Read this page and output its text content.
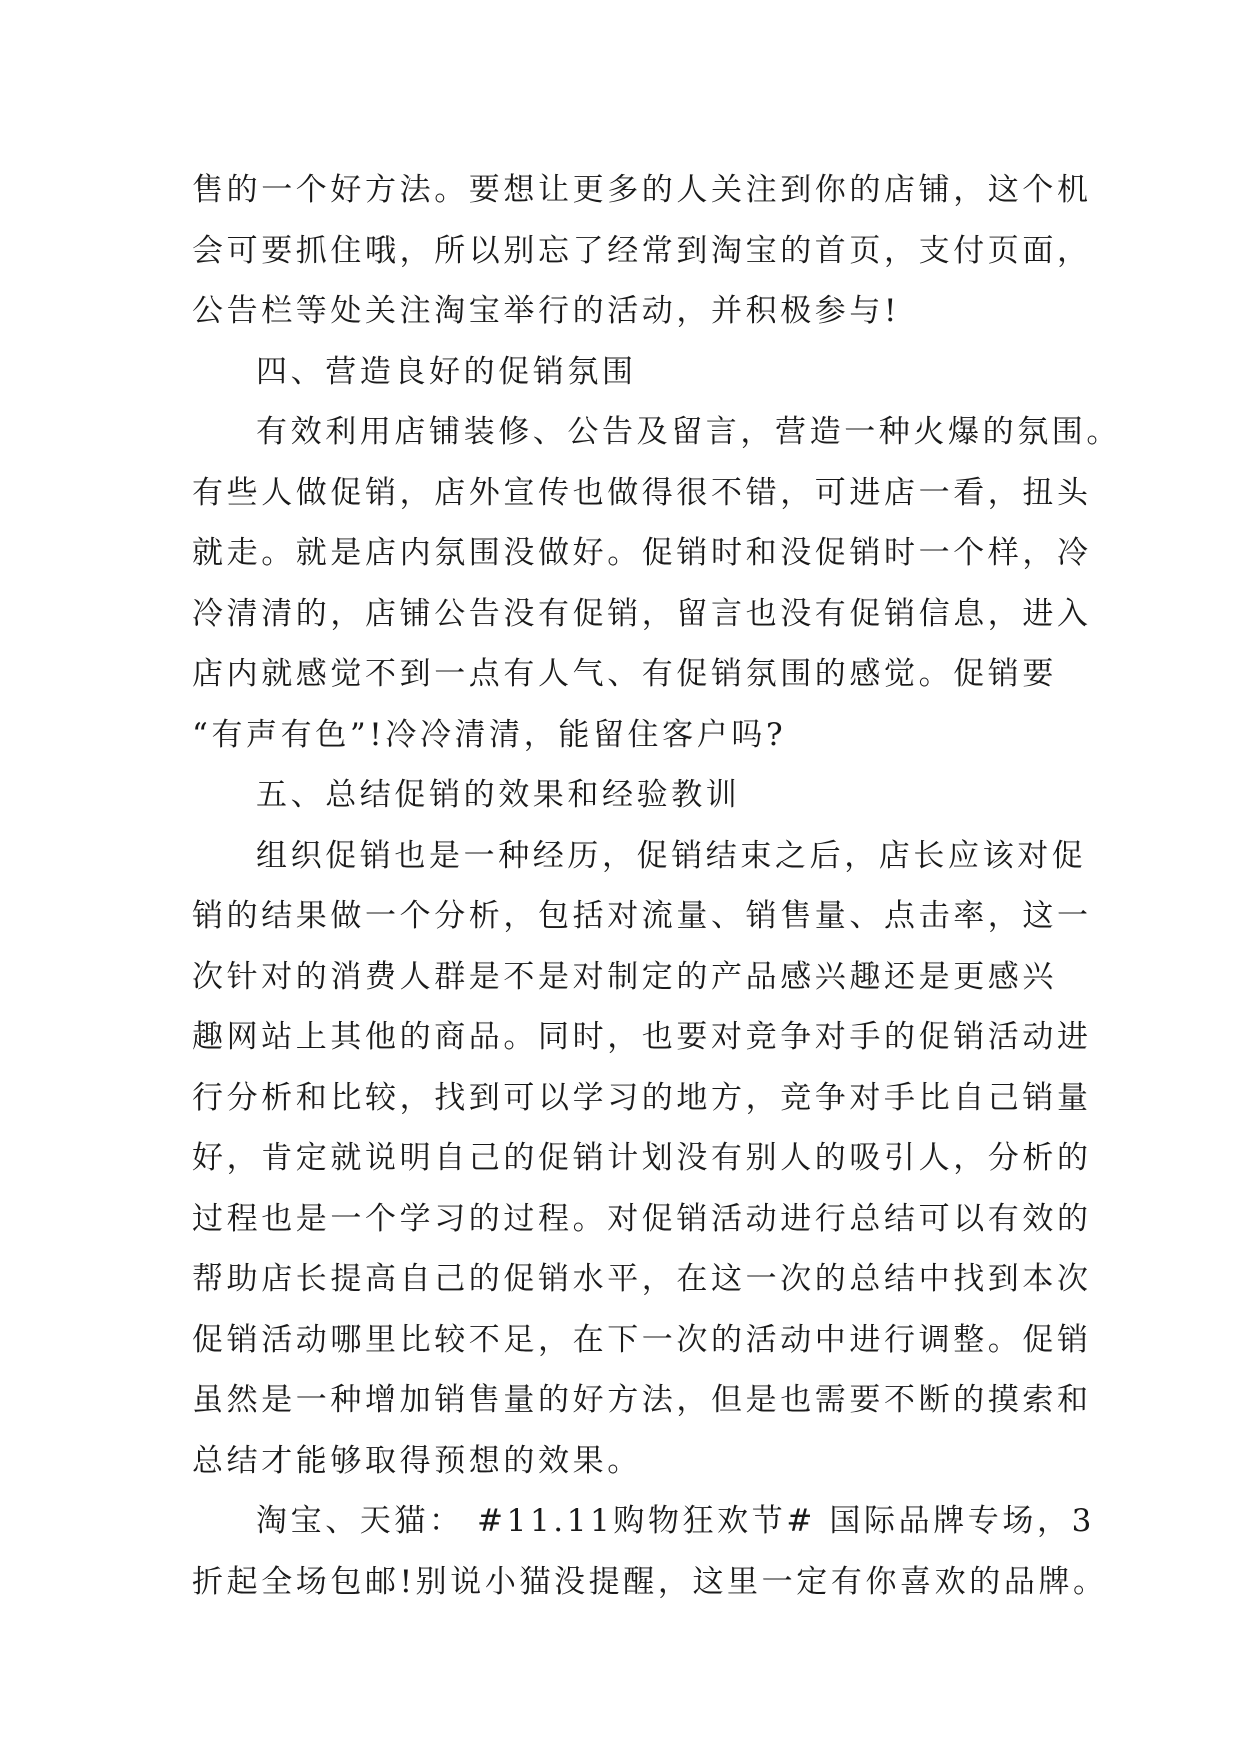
售的一个好方法。要想让更多的人关注到你的店铺，这个机
会可要抓住哦，所以别忘了经常到淘宝的首页，支付页面，
公告栏等处关注淘宝举行的活动，并积极参与!
四、营造良好的促销氛围
有效利用店铺装修、公告及留言，营造一种火爆的氛围。
有些人做促销，店外宣传也做得很不错，可进店一看，扭头
就走。就是店内氛围没做好。促销时和没促销时一个样，冷
冷清清的，店铺公告没有促销，留言也没有促销信息，进入
店内就感觉不到一点有人气、有促销氛围的感觉。促销要
“有声有色”!冷冷清清，能留住客户吗?
五、总结促销的效果和经验教训
组织促销也是一种经历，促销结束之后，店长应该对促
销的结果做一个分析，包括对流量、销售量、点击率，这一
次针对的消费人群是不是对制定的产品感兴趣还是更感兴
趣网站上其他的商品。同时，也要对竞争对手的促销活动进
行分析和比较，找到可以学习的地方，竞争对手比自己销量
好，肯定就说明自己的促销计划没有别人的吸引人，分析的
过程也是一个学习的过程。对促销活动进行总结可以有效的
帮助店长提高自己的促销水平，在这一次的总结中找到本次
促销活动哪里比较不足，在下一次的活动中进行调整。促销
虽然是一种增加销售量的好方法，但是也需要不断的摸索和
总结才能够取得预想的效果。
淘宝、天猫： #11.11购物狂欢节# 国际品牌专场，3
折起全场包邮!别说小猫没提醒，这里一定有你喜欢的品牌。
